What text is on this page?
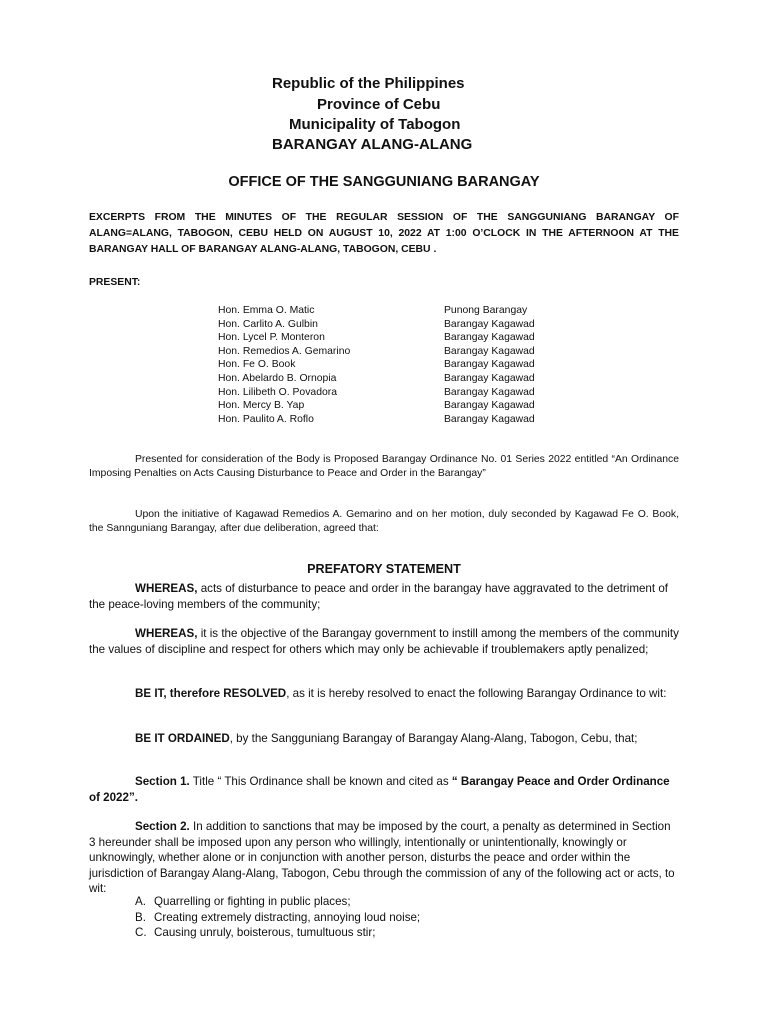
Republic of the Philippines
Province of Cebu
Municipality of Tabogon
BARANGAY ALANG-ALANG
OFFICE OF THE SANGGUNIANG BARANGAY
EXCERPTS FROM THE MINUTES OF THE REGULAR SESSION OF THE SANGGUNIANG BARANGAY OF ALANG=ALANG, TABOGON, CEBU HELD ON AUGUST 10, 2022 AT 1:00 O’CLOCK IN THE AFTERNOON AT THE BARANGAY HALL OF BARANGAY ALANG-ALANG, TABOGON, CEBU .
PRESENT:
Hon. Emma O. Matic	Punong Barangay
Hon. Carlito A. Gulbin	Barangay Kagawad
Hon. Lycel P. Monteron	Barangay Kagawad
Hon. Remedios A. Gemarino	Barangay Kagawad
Hon. Fe O. Book	Barangay Kagawad
Hon. Abelardo B. Ornopia	Barangay Kagawad
Hon. Lilibeth O. Povadora	Barangay Kagawad
Hon. Mercy B. Yap	Barangay Kagawad
Hon. Paulito A. Roflo	Barangay Kagawad
Presented for consideration of the Body is Proposed Barangay Ordinance No. 01 Series 2022 entitled “An Ordinance Imposing Penalties on Acts Causing Disturbance to Peace and Order in the Barangay”
Upon the initiative of Kagawad Remedios A. Gemarino and on her motion, duly seconded by Kagawad Fe O. Book, the Sannguniang Barangay, after due deliberation, agreed that:
PREFATORY STATEMENT
WHEREAS, acts of disturbance to peace and order in the barangay have aggravated to the detriment of the peace-loving members of the community;
WHEREAS, it is the objective of the Barangay government to instill among the members of the community the values of discipline and respect for others which may only be achievable if troublemakers aptly penalized;
BE IT, therefore RESOLVED, as it is hereby resolved to enact the following Barangay Ordinance to wit:
BE IT ORDAINED, by the Sangguniang Barangay of Barangay Alang-Alang, Tabogon, Cebu, that;
Section 1. Title “ This Ordinance shall be known and cited as “ Barangay Peace and Order Ordinance of 2022”.
Section 2. In addition to sanctions that may be imposed by the court, a penalty as determined in Section 3 hereunder shall be imposed upon any person who willingly, intentionally or unintentionally, knowingly or unknowingly, whether alone or in conjunction with another person, disturbs the peace and order within the jurisdiction of Barangay Alang-Alang, Tabogon, Cebu through the commission of any of the following act or acts, to wit:
A. Quarrelling or fighting in public places;
B. Creating extremely distracting, annoying loud noise;
C. Causing unruly, boisterous, tumultuous stir;
